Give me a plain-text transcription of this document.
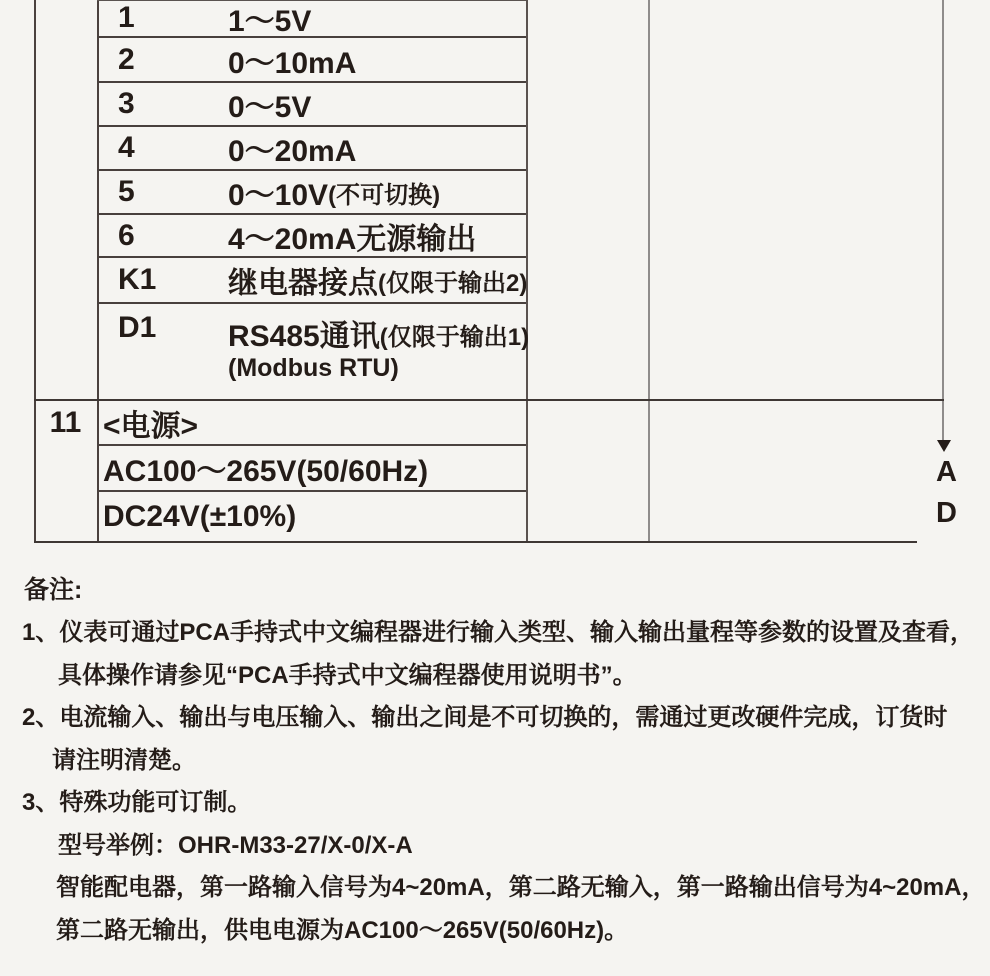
1	1～5V
2	0～10mA
3	0～5V
4	0～20mA
5	0～10V (不可切换)
6	4～20mA无源输出
K1	继电器接点 (仅限于输出2)
D1	RS485通讯 (仅限于输出1)
(Modbus RTU)
11 <电源>
AC100～265V(50/60Hz)
DC24V(±10%)
A
D
备注:
1、仪表可通过PCA手持式中文编程器进行输入类型、输入输出量程等参数的设置及查看，
具体操作请参见“PCA手持式中文编程器使用说明书”。
2、电流输入、输出与电压输入、输出之间是不可切换的，需通过更改硬件完成，订货时
请注明清楚。
3、特殊功能可订制。
型号举例：OHR-M33-27/X-0/X-A
智能配电器，第一路输入信号为4~20mA，第二路无输入，第一路输出信号为4~20mA，
第二路无输出，供电电源为AC100～265V(50/60Hz)。
